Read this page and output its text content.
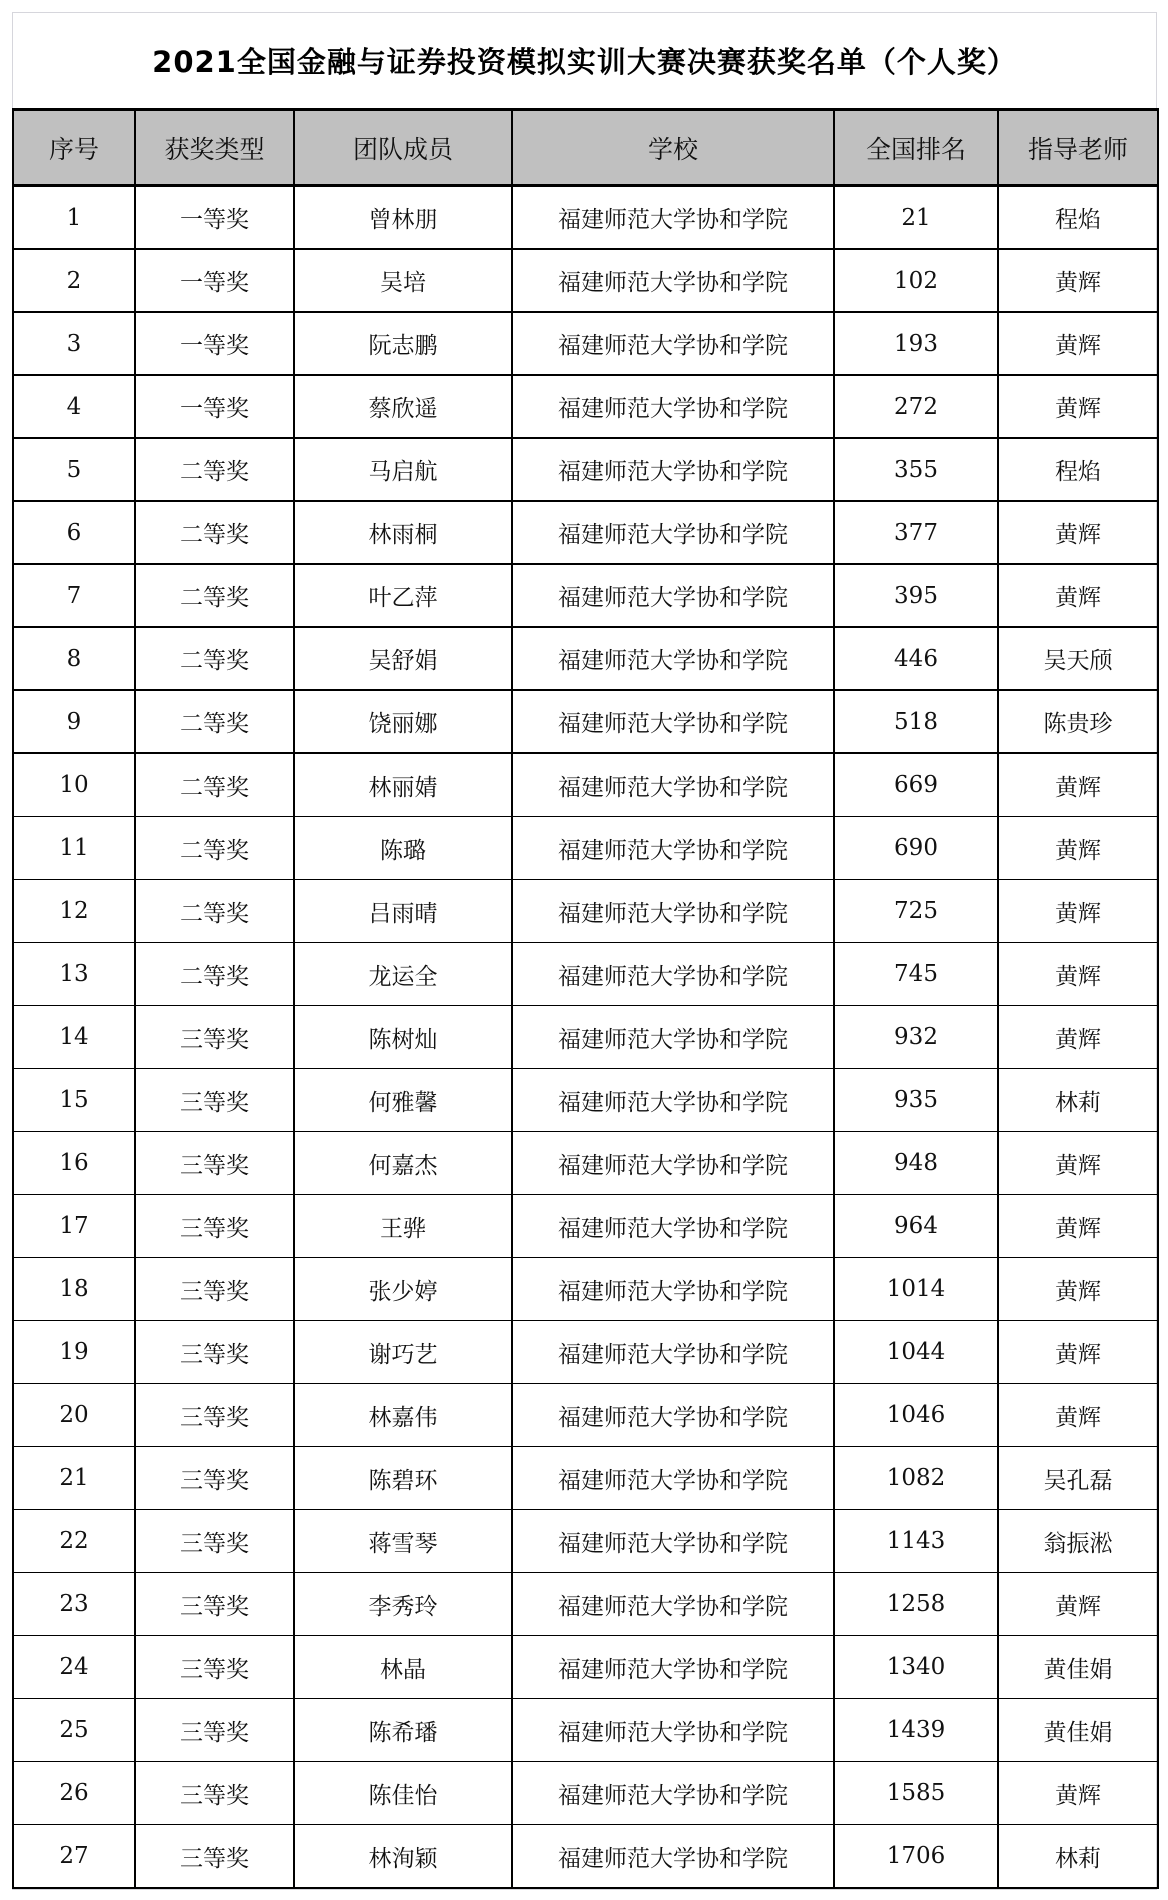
2021全国金融与证券投资模拟实训大赛决赛获奖名单（个人奖）
序号	获奖类型	团队成员	学校	全国排名	指导老师
1	一等奖	曾林朋	福建师范大学协和学院	21	程焰
2	一等奖	吴培	福建师范大学协和学院	102	黄辉
3	一等奖	阮志鹏	福建师范大学协和学院	193	黄辉
4	一等奖	蔡欣遥	福建师范大学协和学院	272	黄辉
5	二等奖	马启航	福建师范大学协和学院	355	程焰
6	二等奖	林雨桐	福建师范大学协和学院	377	黄辉
7	二等奖	叶乙萍	福建师范大学协和学院	395	黄辉
8	二等奖	吴舒娟	福建师范大学协和学院	446	吴天颀
9	二等奖	饶丽娜	福建师范大学协和学院	518	陈贵珍
10	二等奖	林丽婧	福建师范大学协和学院	669	黄辉
11	二等奖	陈璐	福建师范大学协和学院	690	黄辉
12	二等奖	吕雨晴	福建师范大学协和学院	725	黄辉
13	二等奖	龙运全	福建师范大学协和学院	745	黄辉
14	三等奖	陈树灿	福建师范大学协和学院	932	黄辉
15	三等奖	何雅馨	福建师范大学协和学院	935	林莉
16	三等奖	何嘉杰	福建师范大学协和学院	948	黄辉
17	三等奖	王骅	福建师范大学协和学院	964	黄辉
18	三等奖	张少婷	福建师范大学协和学院	1014	黄辉
19	三等奖	谢巧艺	福建师范大学协和学院	1044	黄辉
20	三等奖	林嘉伟	福建师范大学协和学院	1046	黄辉
21	三等奖	陈碧环	福建师范大学协和学院	1082	吴孔磊
22	三等奖	蒋雪琴	福建师范大学协和学院	1143	翁振淞
23	三等奖	李秀玲	福建师范大学协和学院	1258	黄辉
24	三等奖	林晶	福建师范大学协和学院	1340	黄佳娟
25	三等奖	陈希璠	福建师范大学协和学院	1439	黄佳娟
26	三等奖	陈佳怡	福建师范大学协和学院	1585	黄辉
27	三等奖	林洵颖	福建师范大学协和学院	1706	林莉
